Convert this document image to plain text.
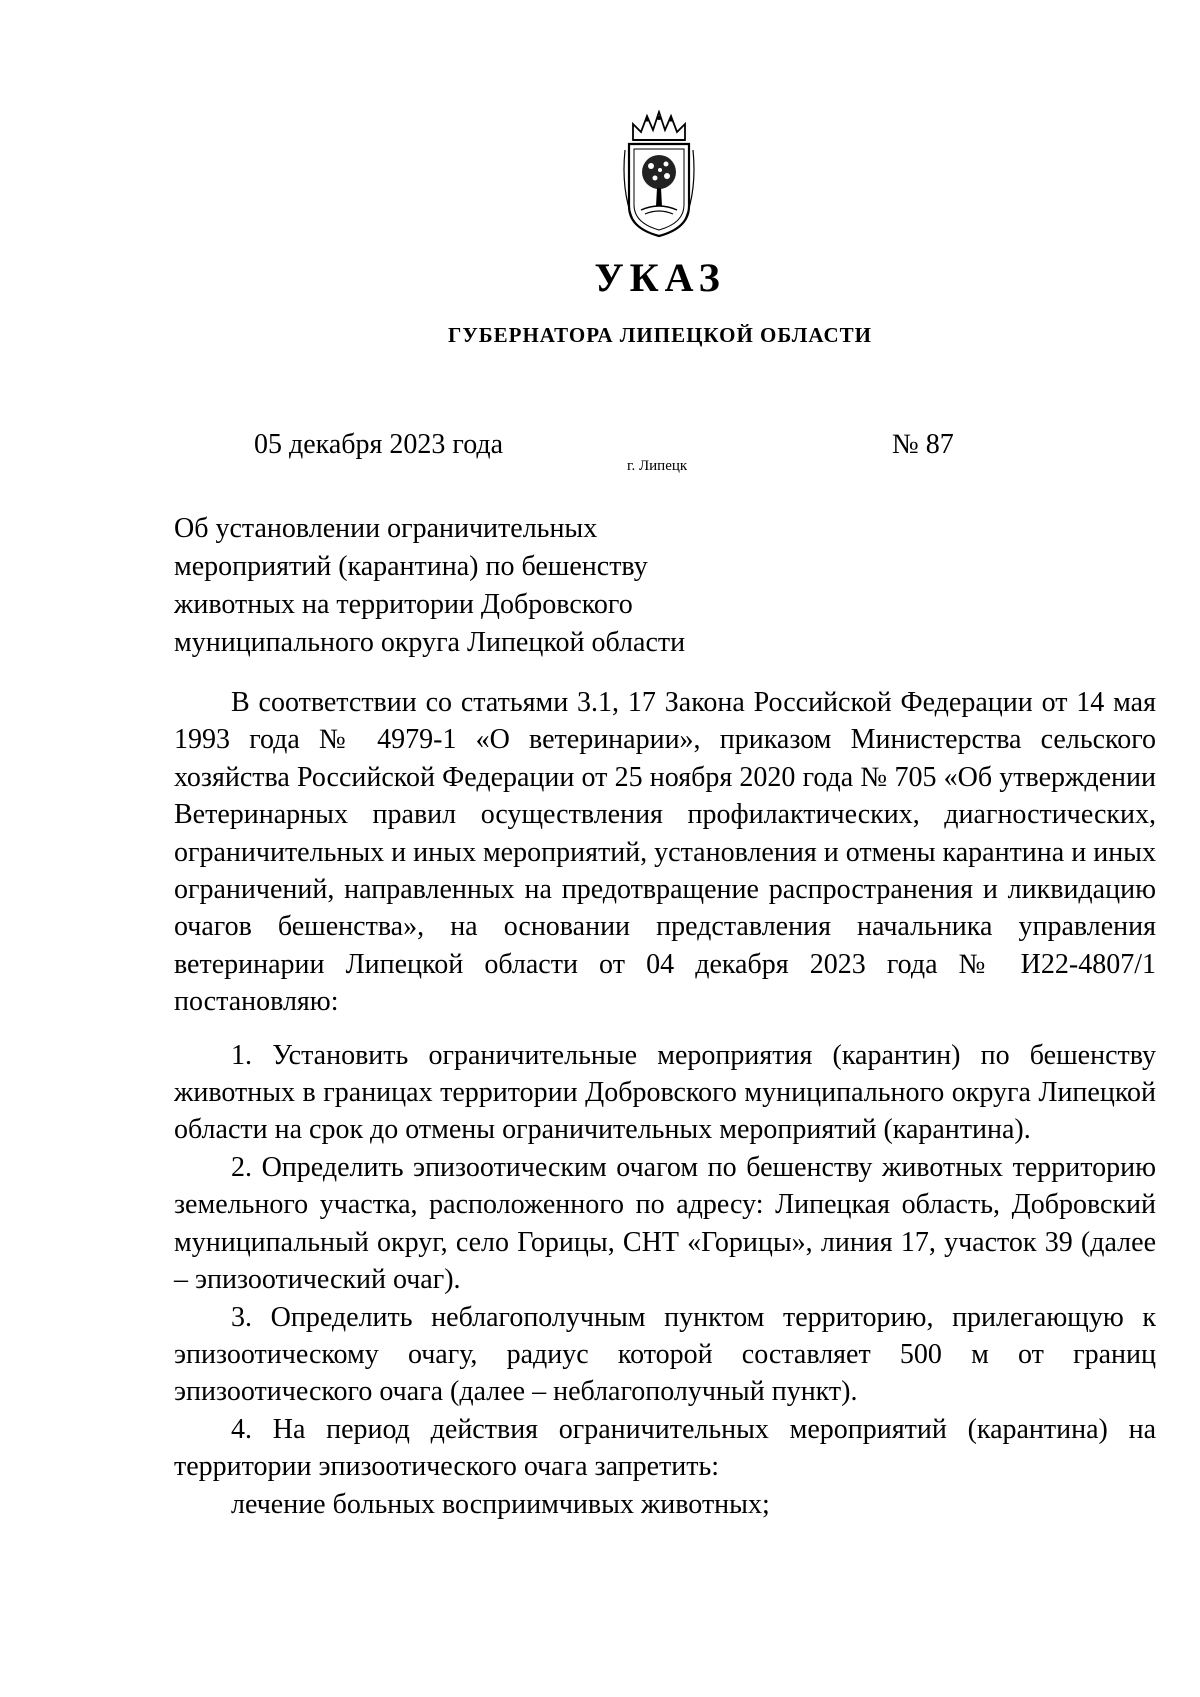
УКАЗ
ГУБЕРНАТОРА ЛИПЕЦКОЙ ОБЛАСТИ
05 декабря 2023 года
г. Липецк
№ 87
Об установлении ограничительных
мероприятий (карантина) по бешенству
животных на территории Добровского
муниципального округа Липецкой области

В соответствии со статьями 3.1, 17 Закона Российской Федерации от 14 мая 1993 года № 4979-1 «О ветеринарии», приказом Министерства сельского хозяйства Российской Федерации от 25 ноября 2020 года № 705 «Об утверждении Ветеринарных правил осуществления профилактических, диагностических, ограничительных и иных мероприятий, установления и отмены карантина и иных ограничений, направленных на предотвращение распространения и ликвидацию очагов бешенства», на основании представления начальника управления ветеринарии Липецкой области от 04 декабря 2023 года № И22-4807/1 постановляю:

1. Установить ограничительные мероприятия (карантин) по бешенству животных в границах территории Добровского муниципального округа Липецкой области на срок до отмены ограничительных мероприятий (карантина).

2. Определить эпизоотическим очагом по бешенству животных территорию земельного участка, расположенного по адресу: Липецкая область, Добровский муниципальный округ, село Горицы, СНТ «Горицы», линия 17, участок 39 (далее – эпизоотический очаг).

3. Определить неблагополучным пунктом территорию, прилегающую к эпизоотическому очагу, радиус которой составляет 500 м от границ эпизоотического очага (далее – неблагополучный пункт).

4. На период действия ограничительных мероприятий (карантина) на территории эпизоотического очага запретить:

лечение больных восприимчивых животных;
